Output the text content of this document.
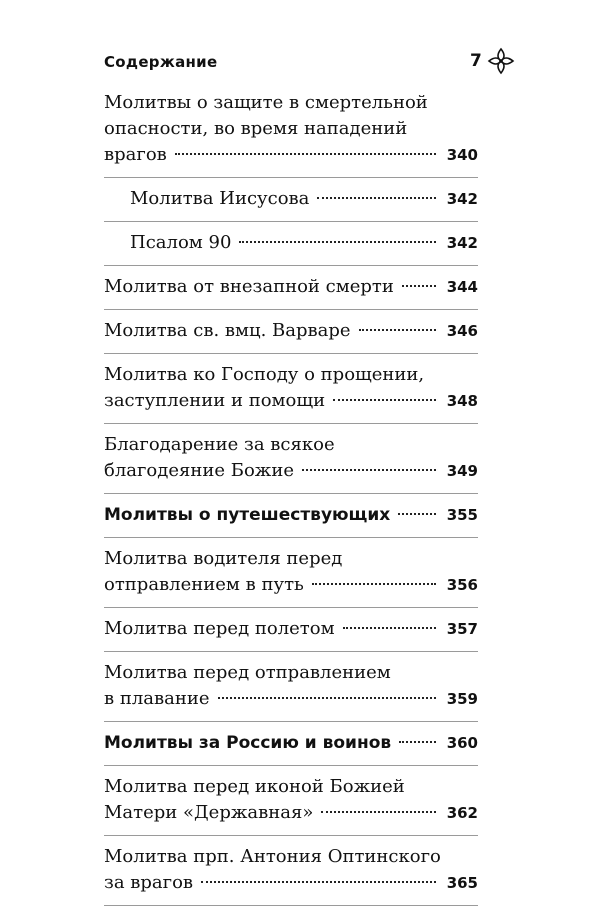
Содержание	7
Молитвы о защите в смертельной
опасности, во время нападений
врагов	340
Молитва Иисусова	342
Псалом 90	342
Молитва от внезапной смерти	344
Молитва св. вмц. Варваре	346
Молитва ко Господу о прощении,
заступлении и помощи	348
Благодарение за всякое
благодеяние Божие	349
Молитвы о путешествующих	355
Молитва водителя перед
отправлением в путь	356
Молитва перед полетом	357
Молитва перед отправлением
в плавание	359
Молитвы за Россию и воинов	360
Молитва перед иконой Божией
Матери «Державная»	362
Молитва прп. Антония Оптинского
за врагов	365
